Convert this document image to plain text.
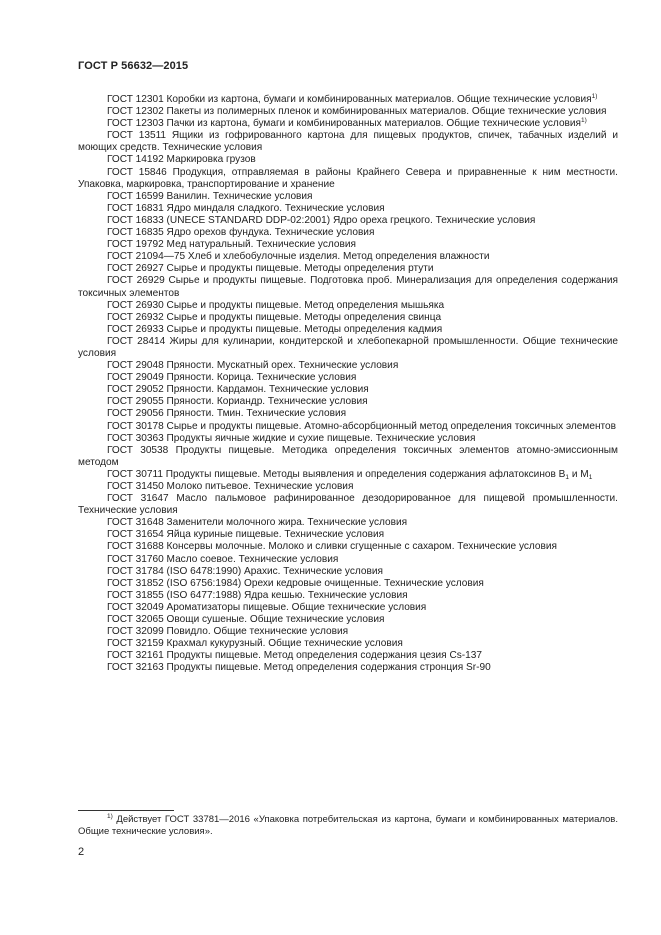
ГОСТ Р 56632—2015
ГОСТ 12301 Коробки из картона, бумаги и комбинированных материалов. Общие технические условия$^{1)}$
ГОСТ 12302 Пакеты из полимерных пленок и комбинированных материалов. Общие технические условия
ГОСТ 12303 Пачки из картона, бумаги и комбинированных материалов. Общие технические условия$^{1)}$
ГОСТ 13511 Ящики из гофрированного картона для пищевых продуктов, спичек, табачных изделий и моющих средств. Технические условия
ГОСТ 14192 Маркировка грузов
ГОСТ 15846 Продукция, отправляемая в районы Крайнего Севера и приравненные к ним местности. Упаковка, маркировка, транспортирование и хранение
ГОСТ 16599 Ванилин. Технические условия
ГОСТ 16831 Ядро миндаля сладкого. Технические условия
ГОСТ 16833 (UNECE STANDARD DDP-02:2001) Ядро ореха грецкого. Технические условия
ГОСТ 16835 Ядро орехов фундука. Технические условия
ГОСТ 19792 Мед натуральный. Технические условия
ГОСТ 21094—75 Хлеб и хлебобулочные изделия. Метод определения влажности
ГОСТ 26927 Сырье и продукты пищевые. Методы определения ртути
ГОСТ 26929 Сырье и продукты пищевые. Подготовка проб. Минерализация для определения содержания токсичных элементов
ГОСТ 26930 Сырье и продукты пищевые. Метод определения мышьяка
ГОСТ 26932 Сырье и продукты пищевые. Методы определения свинца
ГОСТ 26933 Сырье и продукты пищевые. Методы определения кадмия
ГОСТ 28414 Жиры для кулинарии, кондитерской и хлебопекарной промышленности. Общие технические условия
ГОСТ 29048 Пряности. Мускатный орех. Технические условия
ГОСТ 29049 Пряности. Корица. Технические условия
ГОСТ 29052 Пряности. Кардамон. Технические условия
ГОСТ 29055 Пряности. Кориандр. Технические условия
ГОСТ 29056 Пряности. Тмин. Технические условия
ГОСТ 30178 Сырье и продукты пищевые. Атомно-абсорбционный метод определения токсичных элементов
ГОСТ 30363 Продукты яичные жидкие и сухие пищевые. Технические условия
ГОСТ 30538 Продукты пищевые. Методика определения токсичных элементов атомно-эмиссионным методом
ГОСТ 30711 Продукты пищевые. Методы выявления и определения содержания афлатоксинов $B_1$ и $M_1$
ГОСТ 31450 Молоко питьевое. Технические условия
ГОСТ 31647 Масло пальмовое рафинированное дезодорированное для пищевой промышленности. Технические условия
ГОСТ 31648 Заменители молочного жира. Технические условия
ГОСТ 31654 Яйца куриные пищевые. Технические условия
ГОСТ 31688 Консервы молочные. Молоко и сливки сгущенные с сахаром. Технические условия
ГОСТ 31760 Масло соевое. Технические условия
ГОСТ 31784 (ISO 6478:1990) Арахис. Технические условия
ГОСТ 31852 (ISO 6756:1984) Орехи кедровые очищенные. Технические условия
ГОСТ 31855 (ISO 6477:1988) Ядра кешью. Технические условия
ГОСТ 32049 Ароматизаторы пищевые. Общие технические условия
ГОСТ 32065 Овощи сушеные. Общие технические условия
ГОСТ 32099 Повидло. Общие технические условия
ГОСТ 32159 Крахмал кукурузный. Общие технические условия
ГОСТ 32161 Продукты пищевые. Метод определения содержания цезия Cs-137
ГОСТ 32163 Продукты пищевые. Метод определения содержания стронция Sr-90
$^{1)}$ Действует ГОСТ 33781—2016 «Упаковка потребительская из картона, бумаги и комбинированных материалов. Общие технические условия».
2
